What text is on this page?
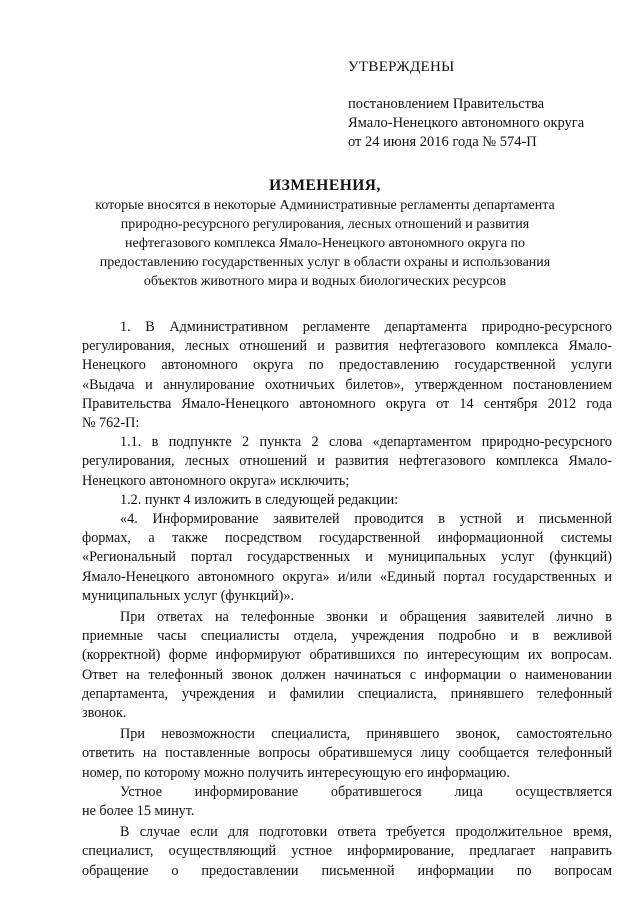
УТВЕРЖДЕНЫ
постановлением Правительства
Ямало-Ненецкого автономного округа
от 24 июня 2016 года № 574-П
ИЗМЕНЕНИЯ,
которые вносятся в некоторые Административные регламенты департамента
природно-ресурсного регулирования, лесных отношений и развития
нефтегазового комплекса Ямало-Ненецкого автономного округа по
предоставлению государственных услуг в области охраны и использования
объектов животного мира и водных биологических ресурсов

1. В Административном регламенте департамента природно-ресурсного
регулирования, лесных отношений и развития нефтегазового комплекса Ямало-
Ненецкого автономного округа по предоставлению государственной услуги
«Выдача и аннулирование охотничьих билетов», утвержденном постановлением
Правительства Ямало-Ненецкого автономного округа от 14 сентября 2012 года
№ 762-П:

1.1. в подпункте 2 пункта 2 слова «департаментом природно-ресурсного
регулирования, лесных отношений и развития нефтегазового комплекса Ямало-
Ненецкого автономного округа» исключить;

1.2. пункт 4 изложить в следующей редакции:

«4. Информирование заявителей проводится в устной и письменной
формах, а также посредством государственной информационной системы
«Региональный портал государственных и муниципальных услуг (функций)
Ямало-Ненецкого автономного округа» и/или «Единый портал государственных и
муниципальных услуг (функций)».

При ответах на телефонные звонки и обращения заявителей лично в
приемные часы специалисты отдела, учреждения подробно и в вежливой
(корректной) форме информируют обратившихся по интересующим их вопросам.
Ответ на телефонный звонок должен начинаться с информации о наименовании
департамента, учреждения и фамилии специалиста, принявшего телефонный
звонок.

При невозможности специалиста, принявшего звонок, самостоятельно
ответить на поставленные вопросы обратившемуся лицу сообщается телефонный
номер, по которому можно получить интересующую его информацию.

Устное информирование обратившегося лица осуществляется
не более 15 минут.

В случае если для подготовки ответа требуется продолжительное время,
специалист, осуществляющий устное информирование, предлагает направить
обращение о предоставлении письменной информации по вопросам
